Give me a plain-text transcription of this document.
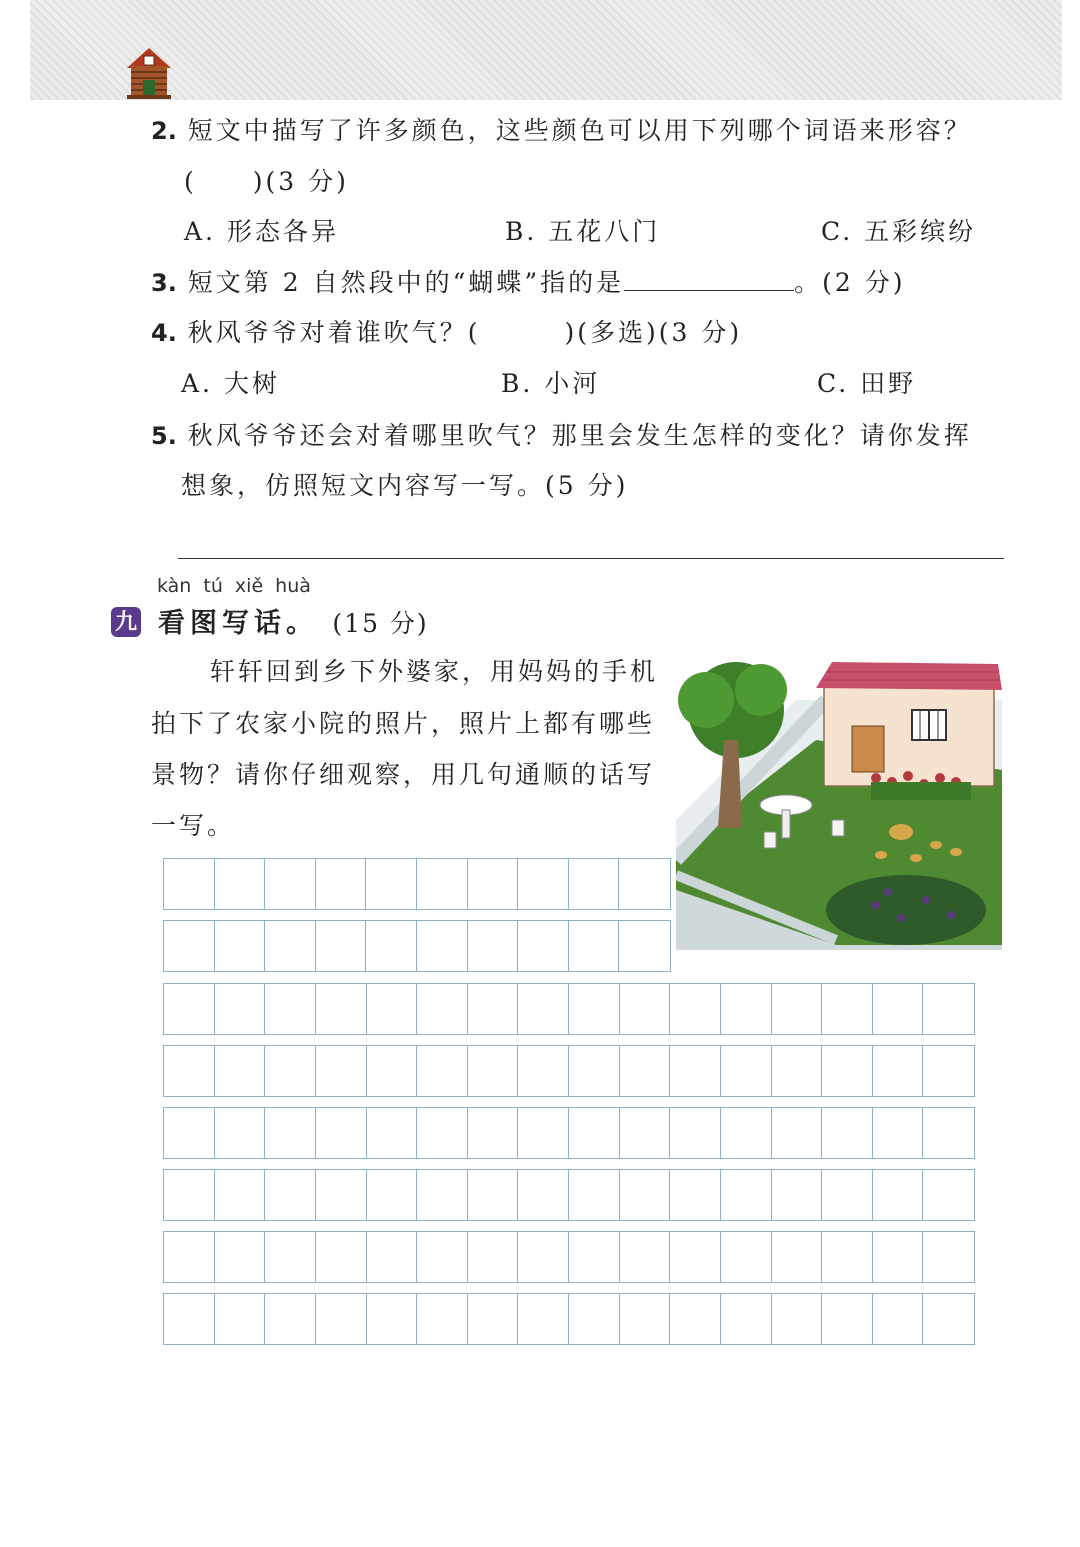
2. 短文中描写了许多颜色，这些颜色可以用下列哪个词语来形容？
(　　)(3 分)
A. 形态各异	B. 五花八门	C. 五彩缤纷
3. 短文第 2 自然段中的“蝴蝶”指的是	。(2 分)
4. 秋风爷爷对着谁吹气？(　　　)(多选)(3 分)
A. 大树	B. 小河	C. 田野
5. 秋风爷爷还会对着哪里吹气？那里会发生怎样的变化？请你发挥
想象，仿照短文内容写一写。(5 分)
kàn tú xiě huà
九 看图写话。 (15 分)
轩轩回到乡下外婆家，用妈妈的手机
拍下了农家小院的照片，照片上都有哪些
景物？请你仔细观察，用几句通顺的话写
一写。
